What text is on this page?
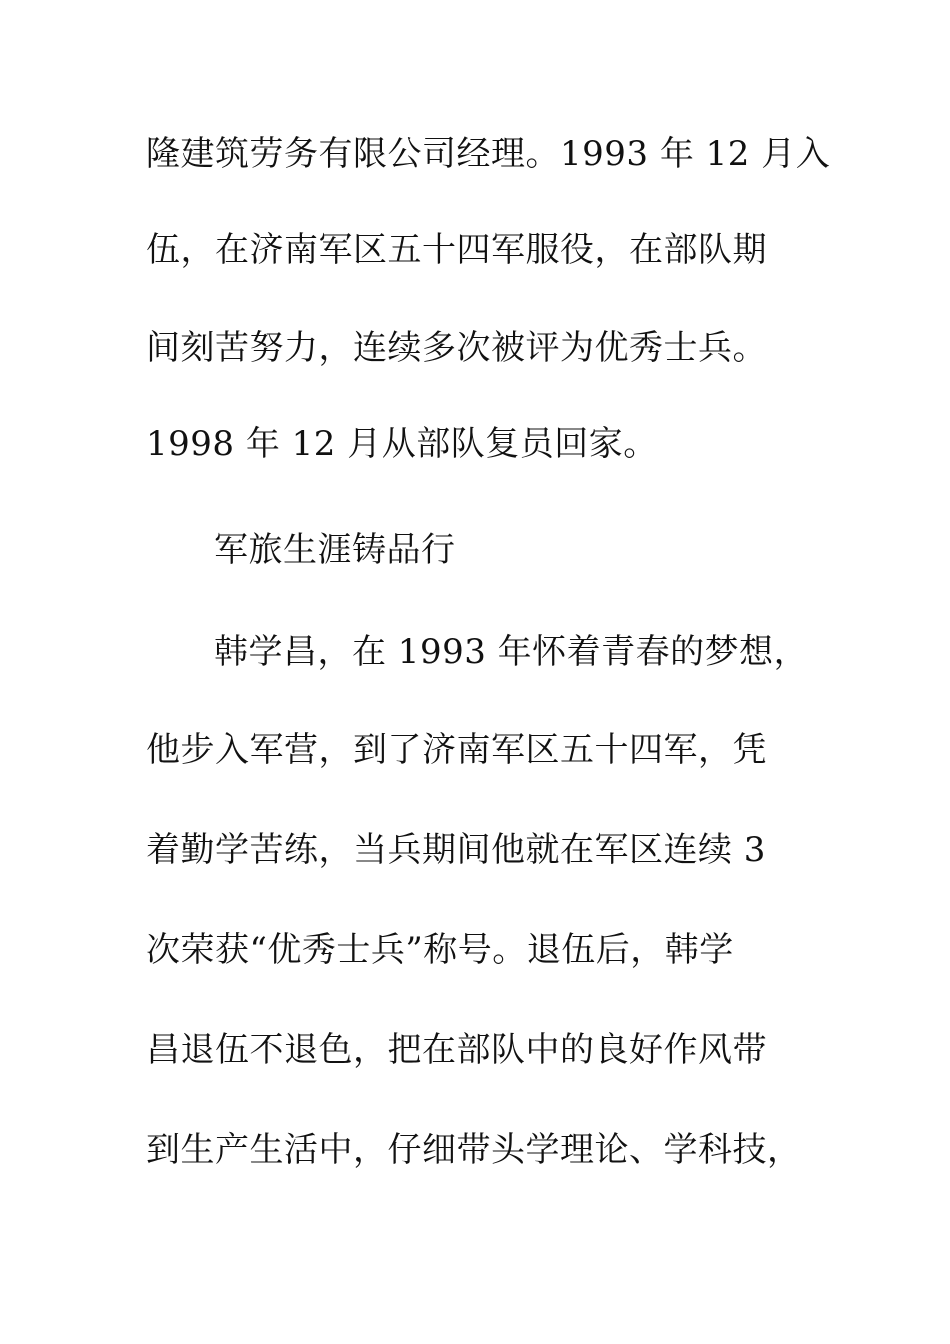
隆建筑劳务有限公司经理。1993 年 12 月入
伍，在济南军区五十四军服役，在部队期
间刻苦努力，连续多次被评为优秀士兵。
1998 年 12 月从部队复员回家。
军旅生涯铸品行
韩学昌，在 1993 年怀着青春的梦想，
他步入军营，到了济南军区五十四军，凭
着勤学苦练，当兵期间他就在军区连续 3
次荣获“优秀士兵”称号。退伍后，韩学
昌退伍不退色，把在部队中的良好作风带
到生产生活中，仔细带头学理论、学科技，
